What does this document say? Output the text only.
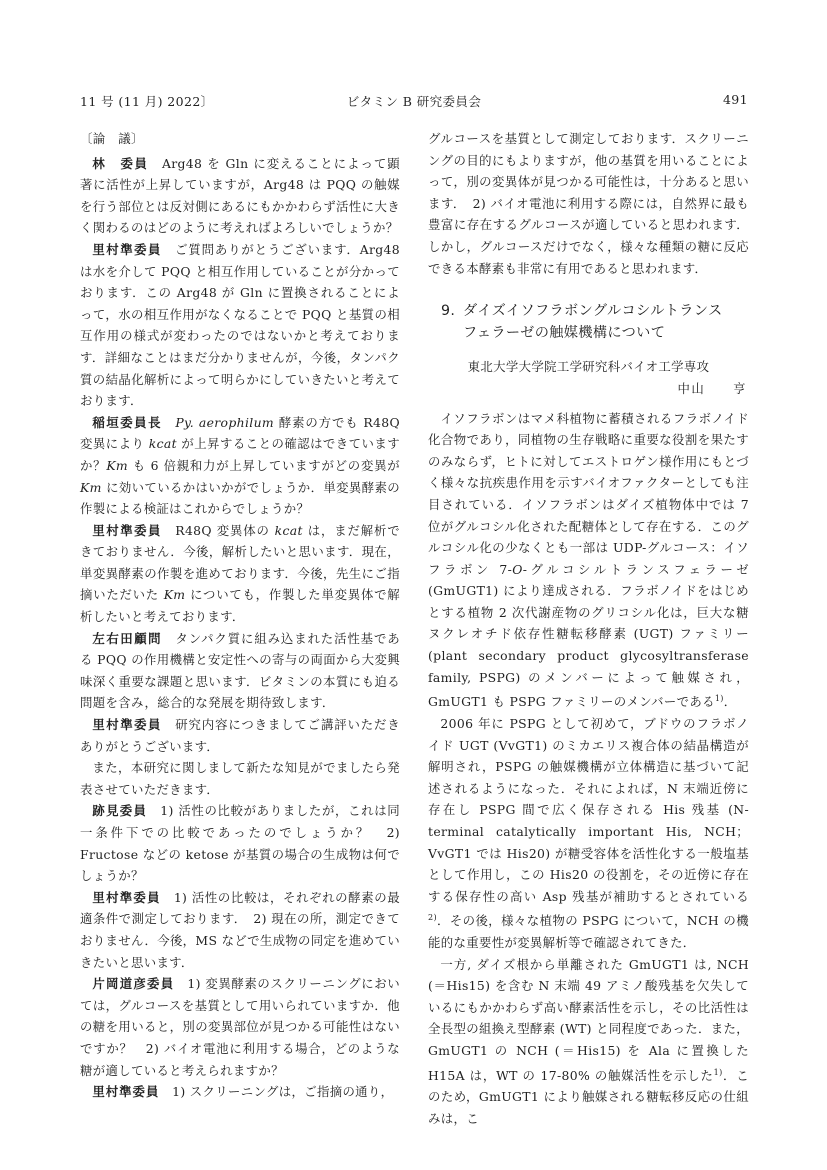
11 号 (11 月) 2022〕	ビタミン B 研究委員会	491

〔論　議〕

林　委員　 Arg48 を Gln に変えることによって顕著に活性が上昇していますが，Arg48 は PQQ の触媒を行う部位とは反対側にあるにもかかわらず活性に大きく関わるのはどのように考えればよろしいでしょうか？

里村準委員　 ご質問ありがとうございます．Arg48 は水を介して PQQ と相互作用していることが分かっております．この Arg48 が Gln に置換されることによって，水の相互作用がなくなることで PQQ と基質の相互作用の様式が変わったのではないかと考えております．詳細なことはまだ分かりませんが，今後，タンパク質の結晶化解析によって明らかにしていきたいと考えております．

稲垣委員長　 Py. aerophilum 酵素の方でも R48Q 変異により kcat が上昇することの確認はできていますか？Km も 6 倍親和力が上昇していますがどの変異が Km に効いているかはいかがでしょうか．単変異酵素の作製による検証はこれからでしょうか？

里村準委員　 R48Q 変異体の kcat は，まだ解析できておりません．今後，解析したいと思います．現在，単変異酵素の作製を進めております．今後，先生にご指摘いただいた Km についても，作製した単変異体で解析したいと考えております．

左右田顧問　 タンパク質に組み込まれた活性基である PQQ の作用機構と安定性への寄与の両面から大変興味深く重要な課題と思います．ビタミンの本質にも迫る問題を含み，総合的な発展を期待致します．

里村準委員　 研究内容につきましてご講評いただきありがとうございます．

また，本研究に関しまして新たな知見がでましたら発表させていただきます．

跡見委員　 1) 活性の比較がありましたが，これは同一条件下での比較であったのでしょうか？　2) Fructose などの ketose が基質の場合の生成物は何でしょうか？

里村準委員　 1) 活性の比較は，それぞれの酵素の最適条件で測定しております．　2) 現在の所，測定できておりません．今後，MS などで生成物の同定を進めていきたいと思います．

片岡道彦委員　 1) 変異酵素のスクリーニングにおいては，グルコースを基質として用いられていますか．他の糖を用いると，別の変異部位が見つかる可能性はないですか？　2) バイオ電池に利用する場合，どのような糖が適していると考えられますか？

里村準委員　 1) スクリーニングは，ご指摘の通り，

グルコースを基質として測定しております．スクリーニングの目的にもよりますが，他の基質を用いることによって，別の変異体が見つかる可能性は，十分あると思います．　2) バイオ電池に利用する際には，自然界に最も豊富に存在するグルコースが適していると思われます．しかし，グルコースだけでなく，様々な種類の糖に反応できる本酵素も非常に有用であると思われます．

9. ダイズイソフラボングルコシルトランス
フェラーゼの触媒機構について

東北大学大学院工学研究科バイオ工学専攻

中山　　亨

イソフラボンはマメ科植物に蓄積されるフラボノイド化合物であり，同植物の生存戦略に重要な役割を果たすのみならず，ヒトに対してエストロゲン様作用にもとづく様々な抗疾患作用を示すバイオファクターとしても注目されている．イソフラボンはダイズ植物体中では 7 位がグルコシル化された配糖体として存在する．このグルコシル化の少なくとも一部は UDP-グルコース：イソフラボン 7-O-グルコシルトランスフェラーゼ (GmUGT1) により達成される．フラボノイドをはじめとする植物 2 次代謝産物のグリコシル化は，巨大な糖ヌクレオチド依存性糖転移酵素 (UGT) ファミリー (plant secondary product glycosyltransferase family, PSPG) のメンバーによって触媒され，GmUGT1 も PSPG ファミリーのメンバーである$^{1)}$．

2006 年に PSPG として初めて，ブドウのフラボノイド UGT (VvGT1) のミカエリス複合体の結晶構造が解明され，PSPG の触媒機構が立体構造に基づいて記述されるようになった．それによれば，N 末端近傍に存在し PSPG 間で広く保存される His 残基 (N-terminal catalytically important His, NCH；VvGT1 では His20) が糖受容体を活性化する一般塩基として作用し，この His20 の役割を，その近傍に存在する保存性の高い Asp 残基が補助するとされている$^{2)}$．その後，様々な植物の PSPG について，NCH の機能的な重要性が変異解析等で確認されてきた．

一方, ダイズ根から単離された GmUGT1 は, NCH (＝His15) を含む N 末端 49 アミノ酸残基を欠失しているにもかかわらず高い酵素活性を示し，その比活性は全長型の組換え型酵素 (WT) と同程度であった．また，GmUGT1 の NCH (＝His15) を Ala に置換した H15A は，WT の 17-80% の触媒活性を示した$^{1)}$．このため，GmUGT1 により触媒される糖転移反応の仕組みは，こ
